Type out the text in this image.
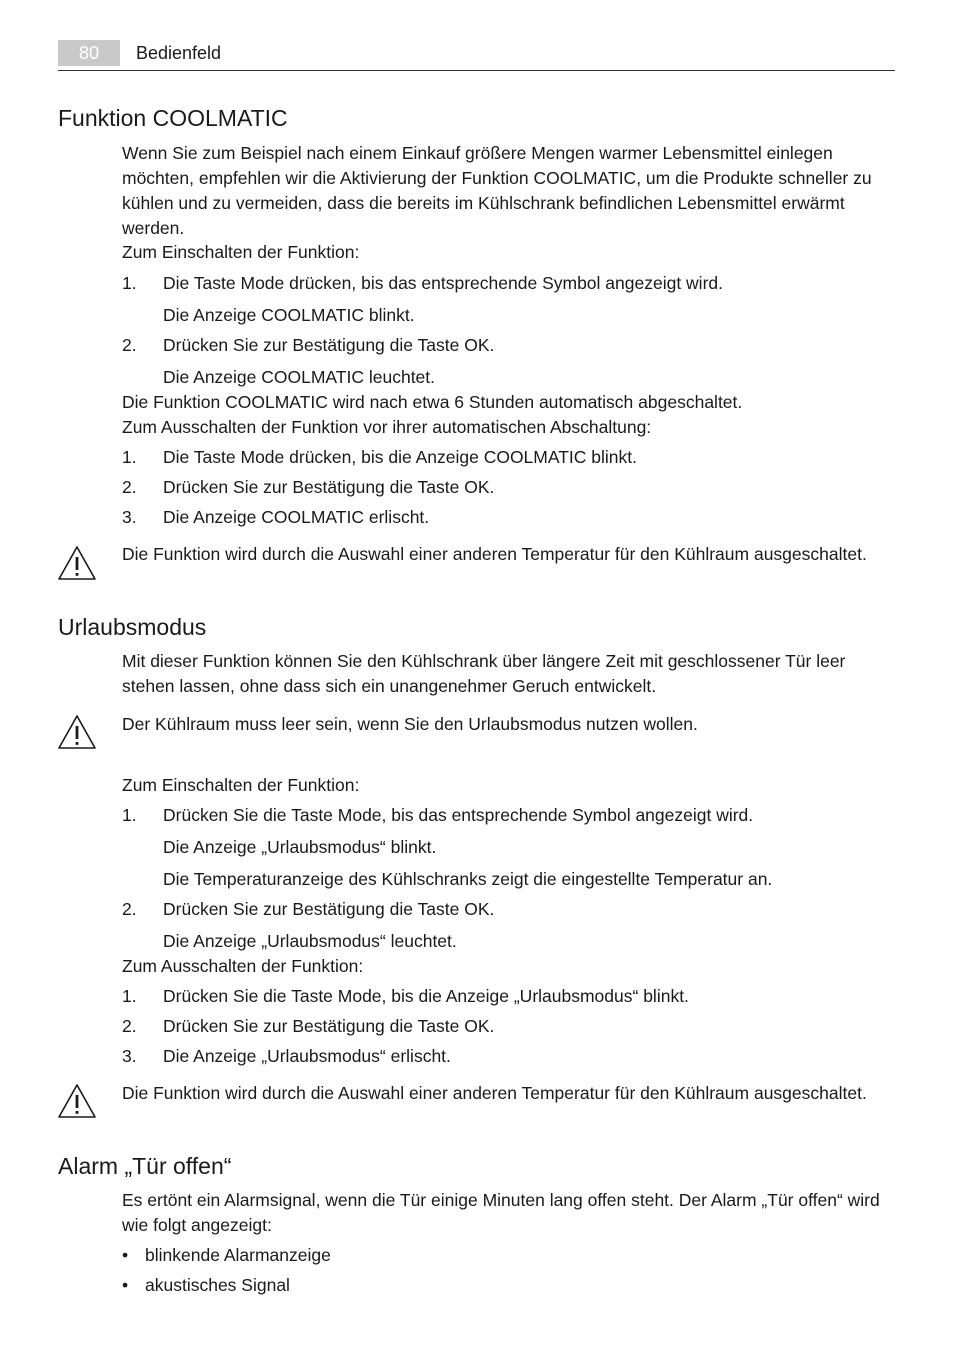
80	Bedienfeld
Funktion COOLMATIC

Wenn Sie zum Beispiel nach einem Einkauf größere Mengen warmer Lebensmittel einlegen möchten, empfehlen wir die Aktivierung der Funktion COOLMATIC, um die Produkte schneller zu kühlen und zu vermeiden, dass die bereits im Kühlschrank befindlichen Lebensmittel erwärmt werden.

Zum Einschalten der Funktion:

1. Die Taste Mode drücken, bis das entsprechende Symbol angezeigt wird.
Die Anzeige COOLMATIC blinkt.
2. Drücken Sie zur Bestätigung die Taste OK.
Die Anzeige COOLMATIC leuchtet.

Die Funktion COOLMATIC wird nach etwa 6 Stunden automatisch abgeschaltet.

Zum Ausschalten der Funktion vor ihrer automatischen Abschaltung:

1. Die Taste Mode drücken, bis die Anzeige COOLMATIC blinkt.
2. Drücken Sie zur Bestätigung die Taste OK.
3. Die Anzeige COOLMATIC erlischt.

Die Funktion wird durch die Auswahl einer anderen Temperatur für den Kühlraum ausgeschaltet.

Urlaubsmodus

Mit dieser Funktion können Sie den Kühlschrank über längere Zeit mit geschlossener Tür leer stehen lassen, ohne dass sich ein unangenehmer Geruch entwickelt.

Der Kühlraum muss leer sein, wenn Sie den Urlaubsmodus nutzen wollen.

Zum Einschalten der Funktion:

1. Drücken Sie die Taste Mode, bis das entsprechende Symbol angezeigt wird.
Die Anzeige „Urlaubsmodus“ blinkt.
Die Temperaturanzeige des Kühlschranks zeigt die eingestellte Temperatur an.
2. Drücken Sie zur Bestätigung die Taste OK.
Die Anzeige „Urlaubsmodus“ leuchtet.

Zum Ausschalten der Funktion:

1. Drücken Sie die Taste Mode, bis die Anzeige „Urlaubsmodus“ blinkt.
2. Drücken Sie zur Bestätigung die Taste OK.
3. Die Anzeige „Urlaubsmodus“ erlischt.

Die Funktion wird durch die Auswahl einer anderen Temperatur für den Kühlraum ausgeschaltet.

Alarm „Tür offen“

Es ertönt ein Alarmsignal, wenn die Tür einige Minuten lang offen steht. Der Alarm „Tür offen“ wird wie folgt angezeigt:

• blinkende Alarmanzeige
• akustisches Signal
